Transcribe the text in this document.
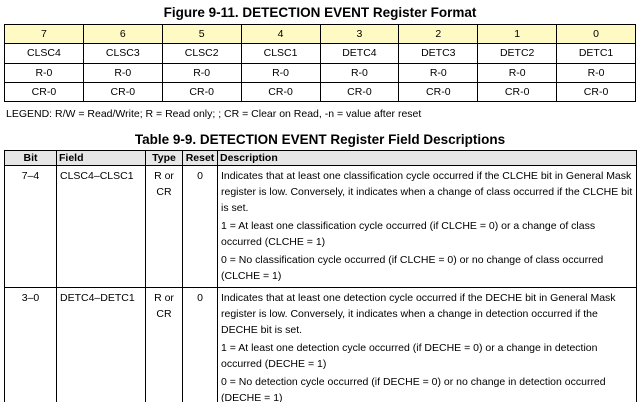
Figure 9-11. DETECTION EVENT Register Format
7	6	5	4	3	2	1	0
CLSC4	CLSC3	CLSC2	CLSC1	DETC4	DETC3	DETC2	DETC1
R-0	R-0	R-0	R-0	R-0	R-0	R-0	R-0
CR-0	CR-0	CR-0	CR-0	CR-0	CR-0	CR-0	CR-0
LEGEND: R/W = Read/Write; R = Read only; ; CR = Clear on Read, -n = value after reset
Table 9-9. DETECTION EVENT Register Field Descriptions
Bit	Field	Type	Reset	Description
7–4	CLSC4–CLSC1	R or CR	0	Indicates that at least one classification cycle occurred if the CLCHE bit in General Mask register is low. Conversely, it indicates when a change of class occurred if the CLCHE bit is set.
1 = At least one classification cycle occurred (if CLCHE = 0) or a change of class occurred (CLCHE = 1)
0 = No classification cycle occurred (if CLCHE = 0) or no change of class occurred (CLCHE = 1)

3–0	DETC4–DETC1	R or CR	0	Indicates that at least one detection cycle occurred if the DECHE bit in General Mask register is low. Conversely, it indicates when a change in detection occurred if the DECHE bit is set.
1 = At least one detection cycle occurred (if DECHE = 0) or a change in detection occurred (DECHE = 1)
0 = No detection cycle occurred (if DECHE = 0) or no change in detection occurred (DECHE = 1)
